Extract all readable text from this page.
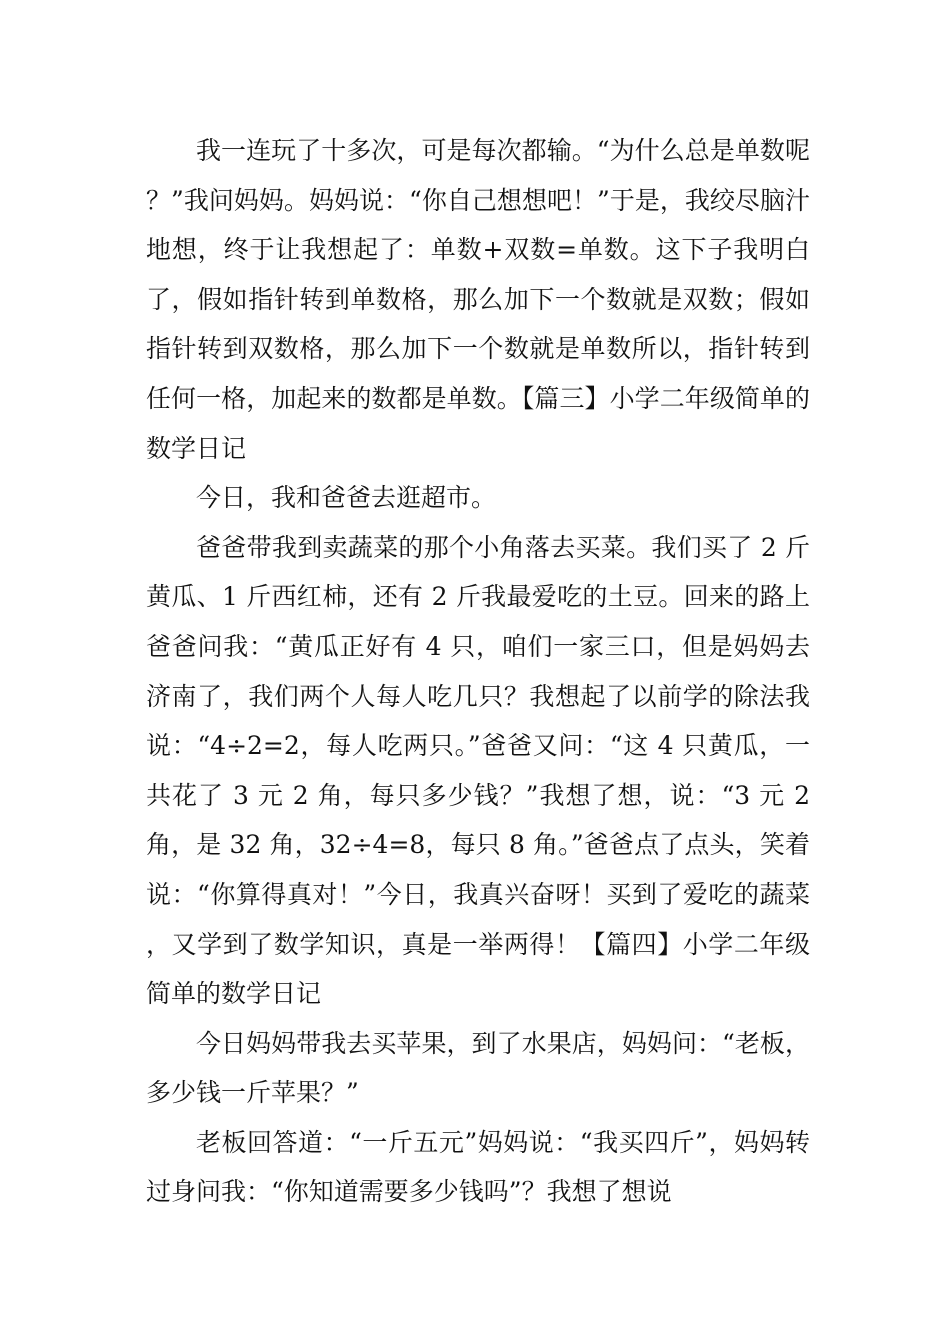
我一连玩了十多次，可是每次都输。“为什么总是单数呢？”我问妈妈。妈妈说：“你自己想想吧！”于是，我绞尽脑汁地想，终于让我想起了：单数+双数=单数。这下子我明白了，假如指针转到单数格，那么加下一个数就是双数；假如指针转到双数格，那么加下一个数就是单数所以，指针转到任何一格，加起来的数都是单数。【篇三】小学二年级简单的数学日记

今日，我和爸爸去逛超市。

爸爸带我到卖蔬菜的那个小角落去买菜。我们买了 2 斤黄瓜、1 斤西红柿，还有 2 斤我最爱吃的土豆。回来的路上爸爸问我：“黄瓜正好有 4 只，咱们一家三口，但是妈妈去济南了，我们两个人每人吃几只？我想起了以前学的除法我说：“4÷2=2，每人吃两只。”爸爸又问：“这 4 只黄瓜，一共花了 3 元 2 角，每只多少钱？”我想了想，说：“3 元 2 角，是 32 角，32÷4=8，每只 8 角。”爸爸点了点头，笑着说：“你算得真对！”今日，我真兴奋呀！买到了爱吃的蔬菜，又学到了数学知识，真是一举两得！【篇四】小学二年级简单的数学日记

今日妈妈带我去买苹果，到了水果店，妈妈问：“老板，多少钱一斤苹果？”

老板回答道：“一斤五元”妈妈说：“我买四斤”，妈妈转过身问我：“你知道需要多少钱吗”？我想了想说
